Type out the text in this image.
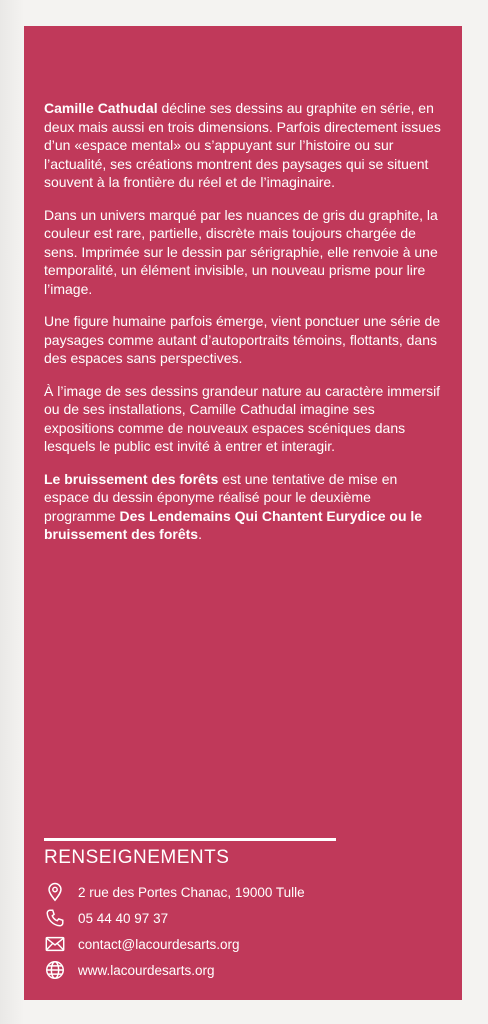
Camille Cathudal décline ses dessins au graphite en série, en deux mais aussi en trois dimensions. Parfois directement issues d’un «espace mental» ou s’appuyant sur l’histoire ou sur l’actualité, ses créations montrent des paysages qui se situent souvent à la frontière du réel et de l’imaginaire.

Dans un univers marqué par les nuances de gris du graphite, la couleur est rare, partielle, discrète mais toujours chargée de sens. Imprimée sur le dessin par sérigraphie, elle renvoie à une temporalité, un élément invisible, un nouveau prisme pour lire l’image.

Une figure humaine parfois émerge, vient ponctuer une série de paysages comme autant d’autoportraits témoins, flottants, dans des espaces sans perspectives.

À l’image de ses dessins grandeur nature au caractère immersif ou de ses installations, Camille Cathudal imagine ses expositions comme de nouveaux espaces scéniques dans lesquels le public est invité à entrer et interagir.

Le bruissement des forêts est une tentative de mise en espace du dessin éponyme réalisé pour le deuxième programme Des Lendemains Qui Chantent Eurydice ou le bruissement des forêts.

RENSEIGNEMENTS
2 rue des Portes Chanac, 19000 Tulle
05 44 40 97 37
contact@lacourdesarts.org
www.lacourdesarts.org
